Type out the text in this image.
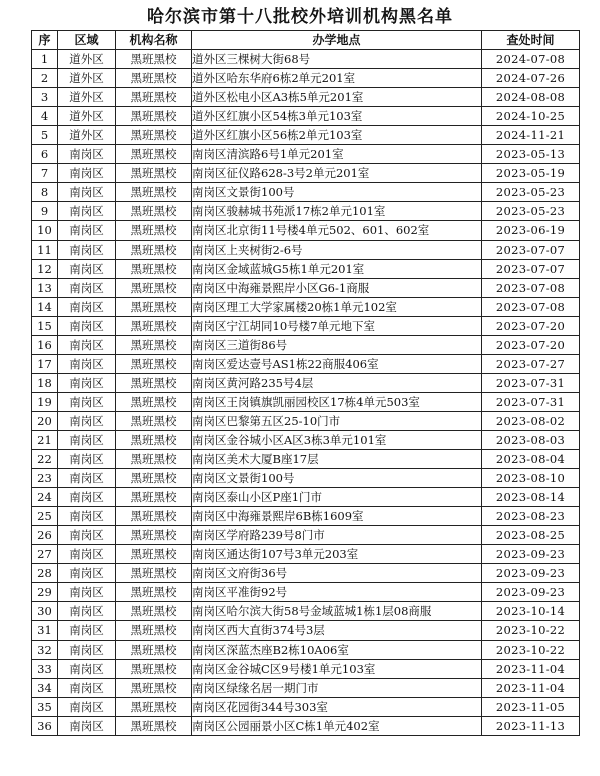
哈尔滨市第十八批校外培训机构黑名单
序	区域	机构名称	办学地点	查处时间
1	道外区	黑班黑校	道外区三棵树大街68号	2024-07-08
2	道外区	黑班黑校	道外区哈东华府6栋2单元201室	2024-07-26
3	道外区	黑班黑校	道外区松电小区A3栋5单元201室	2024-08-08
4	道外区	黑班黑校	道外区红旗小区54栋3单元103室	2024-10-25
5	道外区	黑班黑校	道外区红旗小区56栋2单元103室	2024-11-21
6	南岗区	黑班黑校	南岗区清滨路6号1单元201室	2023-05-13
7	南岗区	黑班黑校	南岗区征仪路628-3号2单元201室	2023-05-19
8	南岗区	黑班黑校	南岗区文景街100号	2023-05-23
9	南岗区	黑班黑校	南岗区骏赫城书苑派17栋2单元101室	2023-05-23
10	南岗区	黑班黑校	南岗区北京街11号楼4单元502、601、602室	2023-06-19
11	南岗区	黑班黑校	南岗区上夹树街2-6号	2023-07-07
12	南岗区	黑班黑校	南岗区金域蓝城G5栋1单元201室	2023-07-07
13	南岗区	黑班黑校	南岗区中海雍景熙岸小区G6-1商服	2023-07-08
14	南岗区	黑班黑校	南岗区理工大学家属楼20栋1单元102室	2023-07-08
15	南岗区	黑班黑校	南岗区宁江胡同10号楼7单元地下室	2023-07-20
16	南岗区	黑班黑校	南岗区三道街86号	2023-07-20
17	南岗区	黑班黑校	南岗区爱达壹号AS1栋22商服406室	2023-07-27
18	南岗区	黑班黑校	南岗区黄河路235号4层	2023-07-31
19	南岗区	黑班黑校	南岗区王岗镇旗凯丽园校区17栋4单元503室	2023-07-31
20	南岗区	黑班黑校	南岗区巴黎第五区25-10门市	2023-08-02
21	南岗区	黑班黑校	南岗区金谷城小区A区3栋3单元101室	2023-08-03
22	南岗区	黑班黑校	南岗区美术大厦B座17层	2023-08-04
23	南岗区	黑班黑校	南岗区文景街100号	2023-08-10
24	南岗区	黑班黑校	南岗区泰山小区P座1门市	2023-08-14
25	南岗区	黑班黑校	南岗区中海雍景熙岸6B栋1609室	2023-08-23
26	南岗区	黑班黑校	南岗区学府路239号8门市	2023-08-25
27	南岗区	黑班黑校	南岗区通达街107号3单元203室	2023-09-23
28	南岗区	黑班黑校	南岗区文府街36号	2023-09-23
29	南岗区	黑班黑校	南岗区平准街92号	2023-09-23
30	南岗区	黑班黑校	南岗区哈尔滨大街58号金域蓝城1栋1层08商服	2023-10-14
31	南岗区	黑班黑校	南岗区西大直街374号3层	2023-10-22
32	南岗区	黑班黑校	南岗区深蓝杰座B2栋10A06室	2023-10-22
33	南岗区	黑班黑校	南岗区金谷城C区9号楼1单元103室	2023-11-04
34	南岗区	黑班黑校	南岗区绿缘名居一期门市	2023-11-04
35	南岗区	黑班黑校	南岗区花园街344号303室	2023-11-05
36	南岗区	黑班黑校	南岗区公园丽景小区C栋1单元402室	2023-11-13
